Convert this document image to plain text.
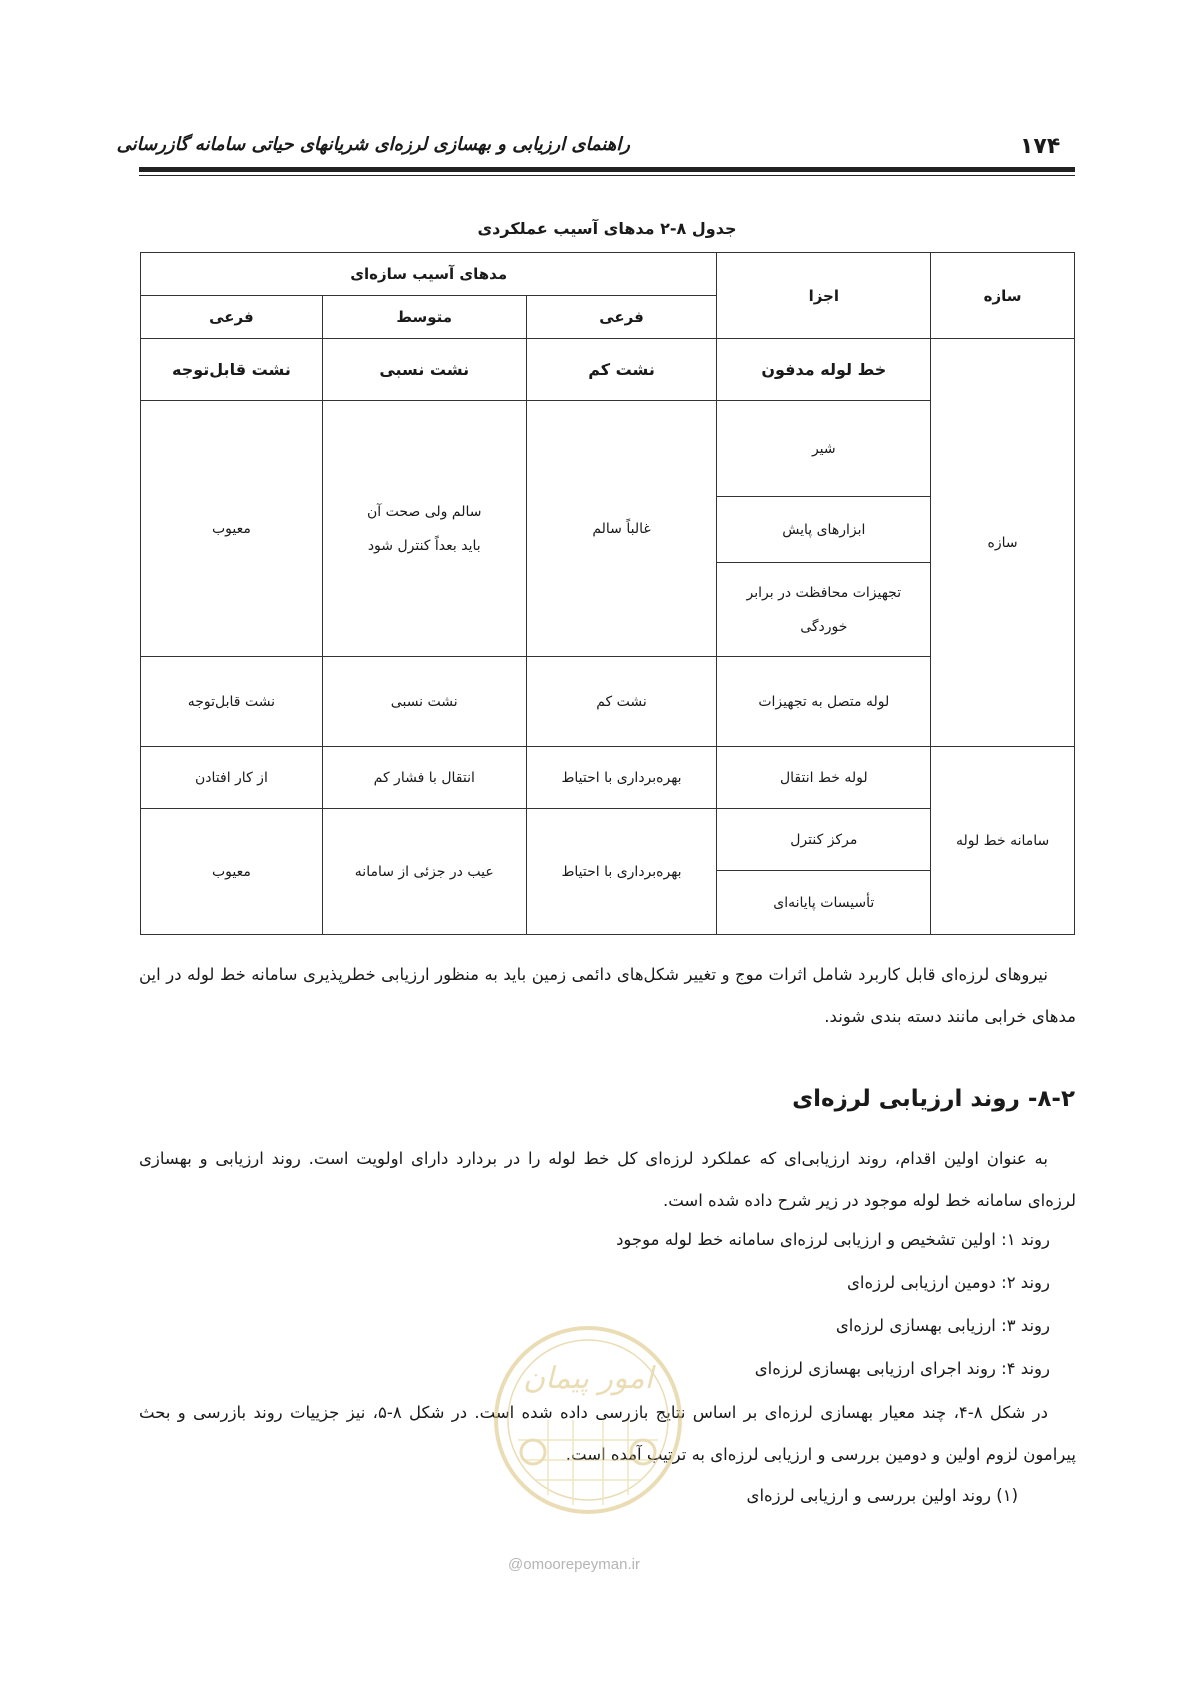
۱۷۴
راهنمای ارزیابی و بهسازی لرزه‌ای شریانهای حیاتی سامانه گازرسانی
جدول ۸-۲ مدهای آسیب عملکردی
سازه	اجزا	مدهای آسیب سازه‌ای		
		فرعی	متوسط	فرعی
سازه	خط لوله مدفون	نشت کم	نشت نسبی	نشت قابل‌توجه
	شیر	غالباً سالم	سالم ولی صحت آن باید بعداً کنترل شود	معیوب
	ابزارهای پایش			
	تجهیزات محافظت در برابر خوردگی			
	لوله متصل به تجهیزات	نشت کم	نشت نسبی	نشت قابل‌توجه
سامانه خط لوله	لوله خط انتقال	بهره‌برداری با احتیاط	انتقال با فشار کم	از کار افتادن
	مرکز کنترل	بهره‌برداری با احتیاط	عیب در جزئی از سامانه	معیوب
	تأسیسات پایانه‌ای			
نیروهای لرزه‌ای قابل کاربرد شامل اثرات موج و تغییر شکل‌های دائمی زمین باید به منظور ارزیابی خطرپذیری سامانه خط لوله در این مدهای خرابی مانند دسته بندی شوند.
۸-۲- روند ارزیابی لرزه‌ای
به عنوان اولین اقدام، روند ارزیابی‌ای که عملکرد لرزه‌ای کل خط لوله را در بردارد دارای اولویت است. روند ارزیابی و بهسازی لرزه‌ای سامانه خط لوله موجود در زیر شرح داده شده است.
روند ۱: اولین تشخیص و ارزیابی لرزه‌ای سامانه خط لوله موجود
روند ۲: دومین ارزیابی لرزه‌ای
روند ۳: ارزیابی بهسازی لرزه‌ای
روند ۴: روند اجرای ارزیابی بهسازی لرزه‌ای
در شکل ۸-۴، چند معیار بهسازی لرزه‌ای بر اساس نتایج بازرسی داده شده است. در شکل ۸-۵، نیز جزییات روند بازرسی و بحث پیرامون لزوم اولین و دومین بررسی و ارزیابی لرزه‌ای به ترتیب آمده است.
(۱) روند اولین بررسی و ارزیابی لرزه‌ای
امور پیمان
@omoorepeyman.ir
